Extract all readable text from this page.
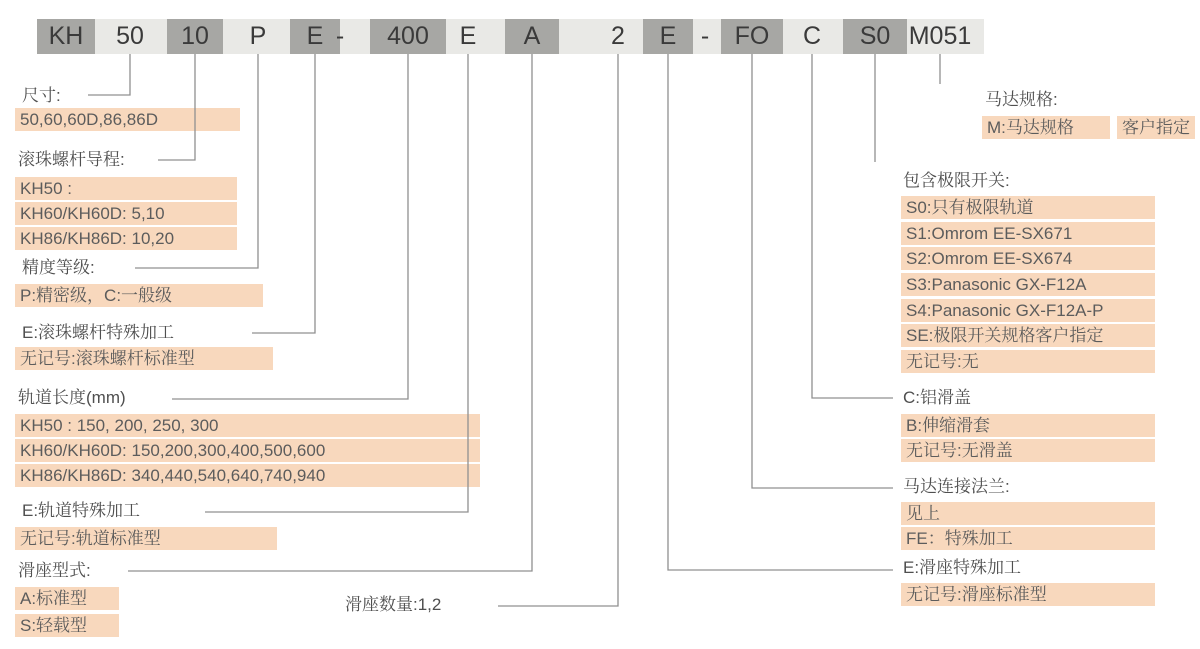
KH	50	10	P	E -	400	E	A	2	E -	FO	C	S0 M051
尺寸:
50,60,60D,86,86D
滚珠螺杆导程:
KH50 :
KH60/KH60D: 5,10
KH86/KH86D: 10,20
精度等级:
P:精密级，C:一般级
E:滚珠螺杆特殊加工
无记号:滚珠螺杆标准型
轨道长度(mm)
KH50 : 150, 200, 250, 300
KH60/KH60D: 150,200,300,400,500,600
KH86/KH86D: 340,440,540,640,740,940
E:轨道特殊加工
无记号:轨道标准型
滑座型式:
A:标准型
S:轻载型
滑座数量:1,2
马达规格:
M:马达规格	客户指定
包含极限开关:
S0:只有极限轨道
S1:Omrom EE-SX671
S2:Omrom EE-SX674
S3:Panasonic GX-F12A
S4:Panasonic GX-F12A-P
SE:极限开关规格客户指定
无记号:无
C:铝滑盖
B:伸缩滑套
无记号:无滑盖
马达连接法兰:
见上
FE：特殊加工
E:滑座特殊加工
无记号:滑座标准型
